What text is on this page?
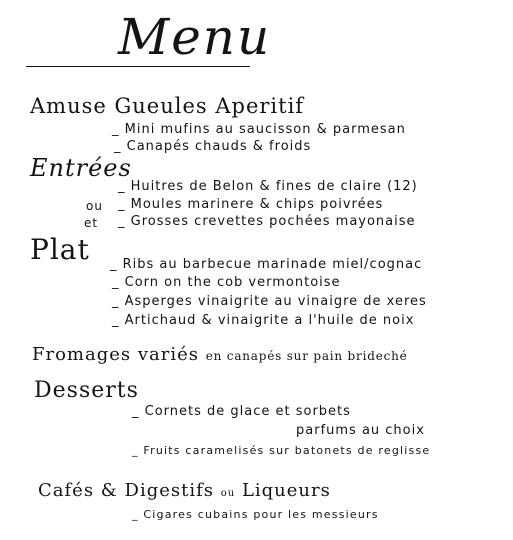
Menu
Amuse Gueules Aperitif
_ Mini mufins au saucisson & parmesan
_ Canapés chauds & froids
Entrées
_ Huitres de Belon & fines de claire (12)
ou _ Moules marinere & chips poivrées
et _ Grosses crevettes pochées mayonaise
Plat _ Ribs au barbecue marinade miel/cognac
_ Corn on the cob vermontoise
_ Asperges vinaigrite au vinaigre de xeres
_ Artichaud & vinaigrite a l'huile de noix
Fromages variés en canapés sur pain brideché
Desserts
_ Cornets de glace et sorbets
parfums au choix
_ Fruits caramelisés sur batonets de reglisse
Cafés & Digestifs ou Liqueurs
_ Cigares cubains pour les messieurs
